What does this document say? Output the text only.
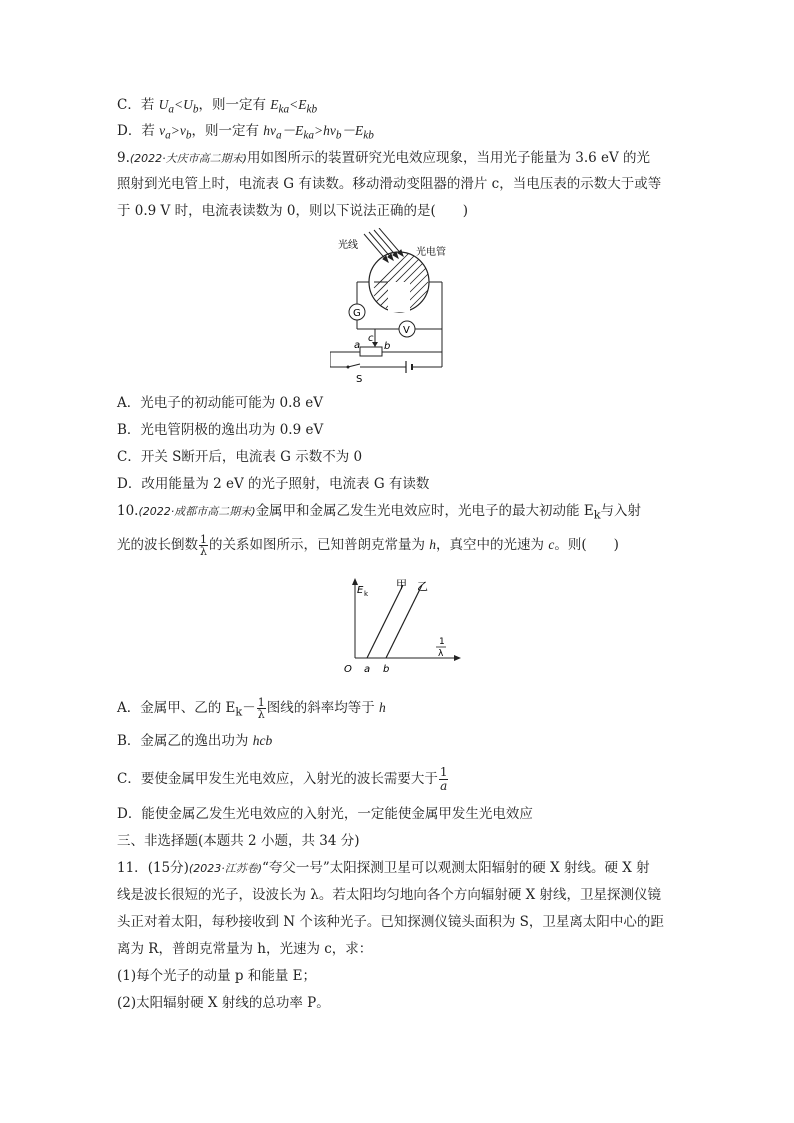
C．若 $U_a<U_b$，则一定有 $E_{ka}<E_{kb}$
D．若 $\nu_a>\nu_b$，则一定有 $h\nu_a-E_{ka}>h\nu_b-E_{kb}$
9.(2022·大庆市高二期末)用如图所示的装置研究光电效应现象，当用光子能量为 3.6 eV 的光
照射到光电管上时，电流表 G 有读数。移动滑动变阻器的滑片 c，当电压表的示数大于或等
于 0.9 V 时，电流表读数为 0，则以下说法正确的是(　　)
光线
光电管
G
V
c
a b
S
A．光电子的初动能可能为 0.8 eV
B．光电管阴极的逸出功为 0.9 eV
C．开关 S断开后，电流表 G 示数不为 0
D．改用能量为 2 eV 的光子照射，电流表 G 有读数
10.(2022·成都市高二期末)金属甲和金属乙发生光电效应时，光电子的最大初动能 $E_k$与入射
光的波长倒数 $\frac{1}{\lambda}$ 的关系如图所示，已知普朗克常量为 h，真空中的光速为 c。则(　　)
E k
甲 乙
O a b
1
λ
A．金属甲、乙的 $E_k- \frac{1}{\lambda}$ 图线的斜率均等于 h
B．金属乙的逸出功为 hcb
C．要使金属甲发生光电效应，入射光的波长需要大于 $\frac{1}{a}$
D．能使金属乙发生光电效应的入射光，一定能使金属甲发生光电效应
三、非选择题(本题共 2 小题，共 34 分)
11．(15分)(2023·江苏卷)“夸父一号”太阳探测卫星可以观测太阳辐射的硬 X 射线。硬 X 射
线是波长很短的光子，设波长为 λ。若太阳均匀地向各个方向辐射硬 X 射线，卫星探测仪镜
头正对着太阳，每秒接收到 N 个该种光子。已知探测仪镜头面积为 S，卫星离太阳中心的距
离为 R，普朗克常量为 h，光速为 c，求：
(1)每个光子的动量 p 和能量 E；
(2)太阳辐射硬 X 射线的总功率 P。
